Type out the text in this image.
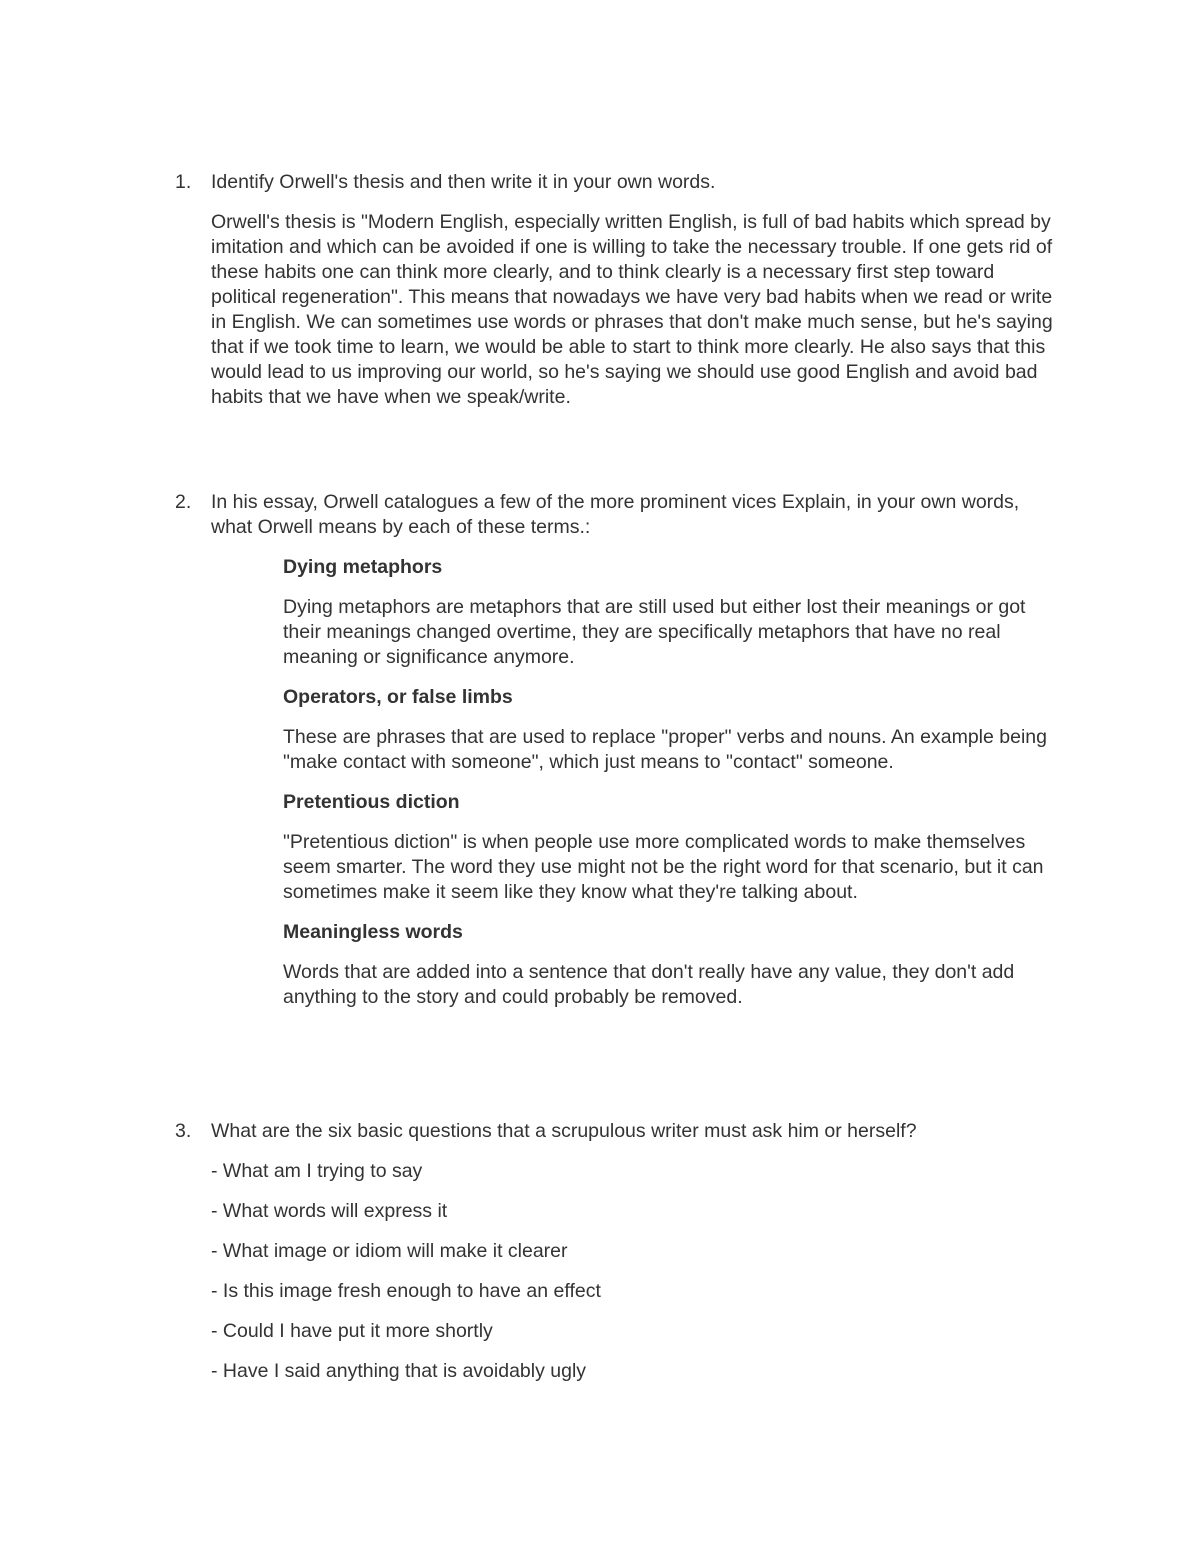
1.	Identify Orwell's thesis and then write it in your own words.
Orwell's thesis is "Modern English, especially written English, is full of bad habits which spread by imitation and which can be avoided if one is willing to take the necessary trouble. If one gets rid of these habits one can think more clearly, and to think clearly is a necessary first step toward political regeneration". This means that nowadays we have very bad habits when we read or write in English. We can sometimes use words or phrases that don't make much sense, but he's saying that if we took time to learn, we would be able to start to think more clearly. He also says that this would lead to us improving our world, so he's saying we should use good English and avoid bad habits that we have when we speak/write.
2.	In his essay, Orwell catalogues a few of the more prominent vices Explain, in your own words, what Orwell means by each of these terms.:
Dying metaphors
Dying metaphors are metaphors that are still used but either lost their meanings or got their meanings changed overtime, they are specifically metaphors that have no real meaning or significance anymore.
Operators, or false limbs
These are phrases that are used to replace "proper" verbs and nouns. An example being "make contact with someone", which just means to "contact" someone.
Pretentious diction
"Pretentious diction" is when people use more complicated words to make themselves seem smarter. The word they use might not be the right word for that scenario, but it can sometimes make it seem like they know what they're talking about.
Meaningless words
Words that are added into a sentence that don't really have any value, they don't add anything to the story and could probably be removed.
3.	What are the six basic questions that a scrupulous writer must ask him or herself?
- What am I trying to say
- What words will express it
- What image or idiom will make it clearer
- Is this image fresh enough to have an effect
- Could I have put it more shortly
- Have I said anything that is avoidably ugly
